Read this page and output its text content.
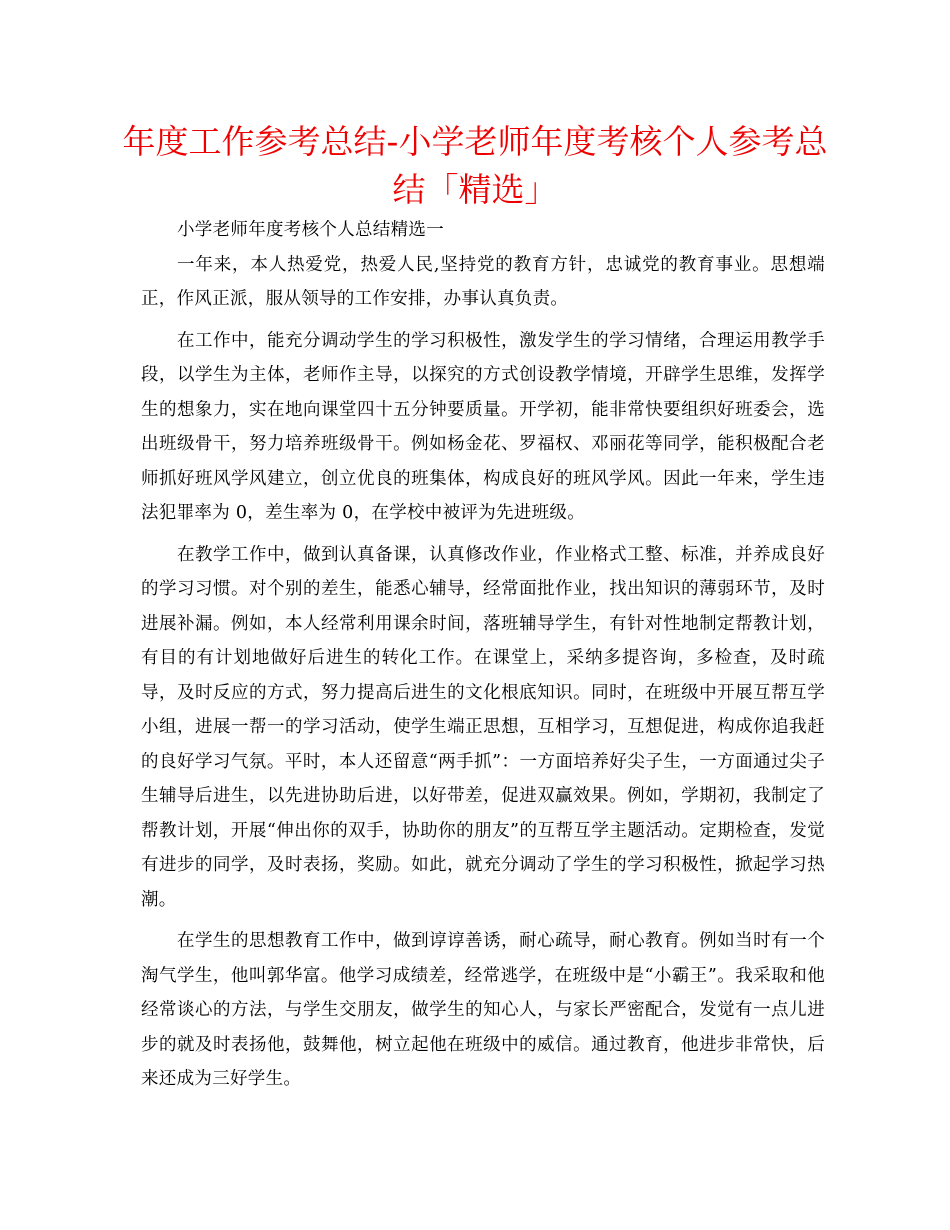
年度工作参考总结-小学老师年度考核个人参考总结「精选」

小学老师年度考核个人总结精选一

一年来，本人热爱党，热爱人民,坚持党的教育方针，忠诚党的教育事业。思想端正，作风正派，服从领导的工作安排，办事认真负责。

在工作中，能充分调动学生的学习积极性，激发学生的学习情绪，合理运用教学手段，以学生为主体，老师作主导，以探究的方式创设教学情境，开辟学生思维，发挥学生的想象力，实在地向课堂四十五分钟要质量。开学初，能非常快要组织好班委会，选出班级骨干，努力培养班级骨干。例如杨金花、罗福权、邓丽花等同学，能积极配合老师抓好班风学风建立，创立优良的班集体，构成良好的班风学风。因此一年来，学生违法犯罪率为 0，差生率为 0，在学校中被评为先进班级。

在教学工作中，做到认真备课，认真修改作业，作业格式工整、标准，并养成良好的学习习惯。对个别的差生，能悉心辅导，经常面批作业，找出知识的薄弱环节，及时进展补漏。例如，本人经常利用课余时间，落班辅导学生，有针对性地制定帮教计划，有目的有计划地做好后进生的转化工作。在课堂上，采纳多提咨询，多检查，及时疏导，及时反应的方式，努力提高后进生的文化根底知识。同时，在班级中开展互帮互学小组，进展一帮一的学习活动，使学生端正思想，互相学习，互想促进，构成你追我赶的良好学习气氛。平时，本人还留意“两手抓”：一方面培养好尖子生，一方面通过尖子生辅导后进生，以先进协助后进，以好带差，促进双赢效果。例如，学期初，我制定了帮教计划，开展“伸出你的双手，协助你的朋友”的互帮互学主题活动。定期检查，发觉有进步的同学，及时表扬，奖励。如此，就充分调动了学生的学习积极性，掀起学习热潮。

在学生的思想教育工作中，做到谆谆善诱，耐心疏导，耐心教育。例如当时有一个淘气学生，他叫郭华富。他学习成绩差，经常逃学，在班级中是“小霸王”。我采取和他经常谈心的方法，与学生交朋友，做学生的知心人，与家长严密配合，发觉有一点儿进步的就及时表扬他，鼓舞他，树立起他在班级中的威信。通过教育，他进步非常快，后来还成为三好学生。
